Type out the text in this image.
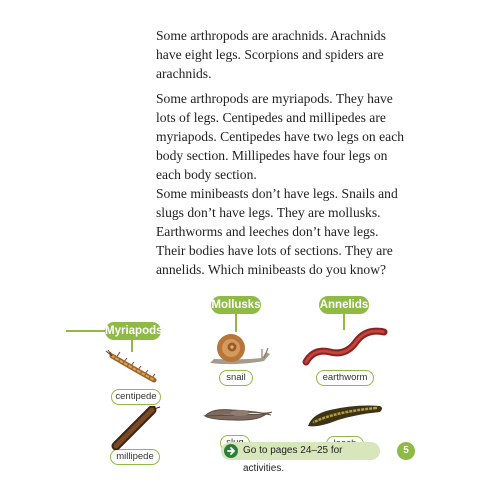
Some arthropods are arachnids. Arachnids have eight legs. Scorpions and spiders are arachnids.

Some arthropods are myriapods. They have lots of legs. Centipedes and millipedes are myriapods. Centipedes have two legs on each body section. Millipedes have four legs on each body section.

Some minibeasts don’t have legs. Snails and slugs don’t have legs. They are mollusks. Earthworms and leeches don’t have legs. Their bodies have lots of sections. They are annelids. Which minibeasts do you know?

Myriapods
centipede
millipede
Mollusks
snail
Annelids
earthworm
Go to pages 24–25 for activities.
5
